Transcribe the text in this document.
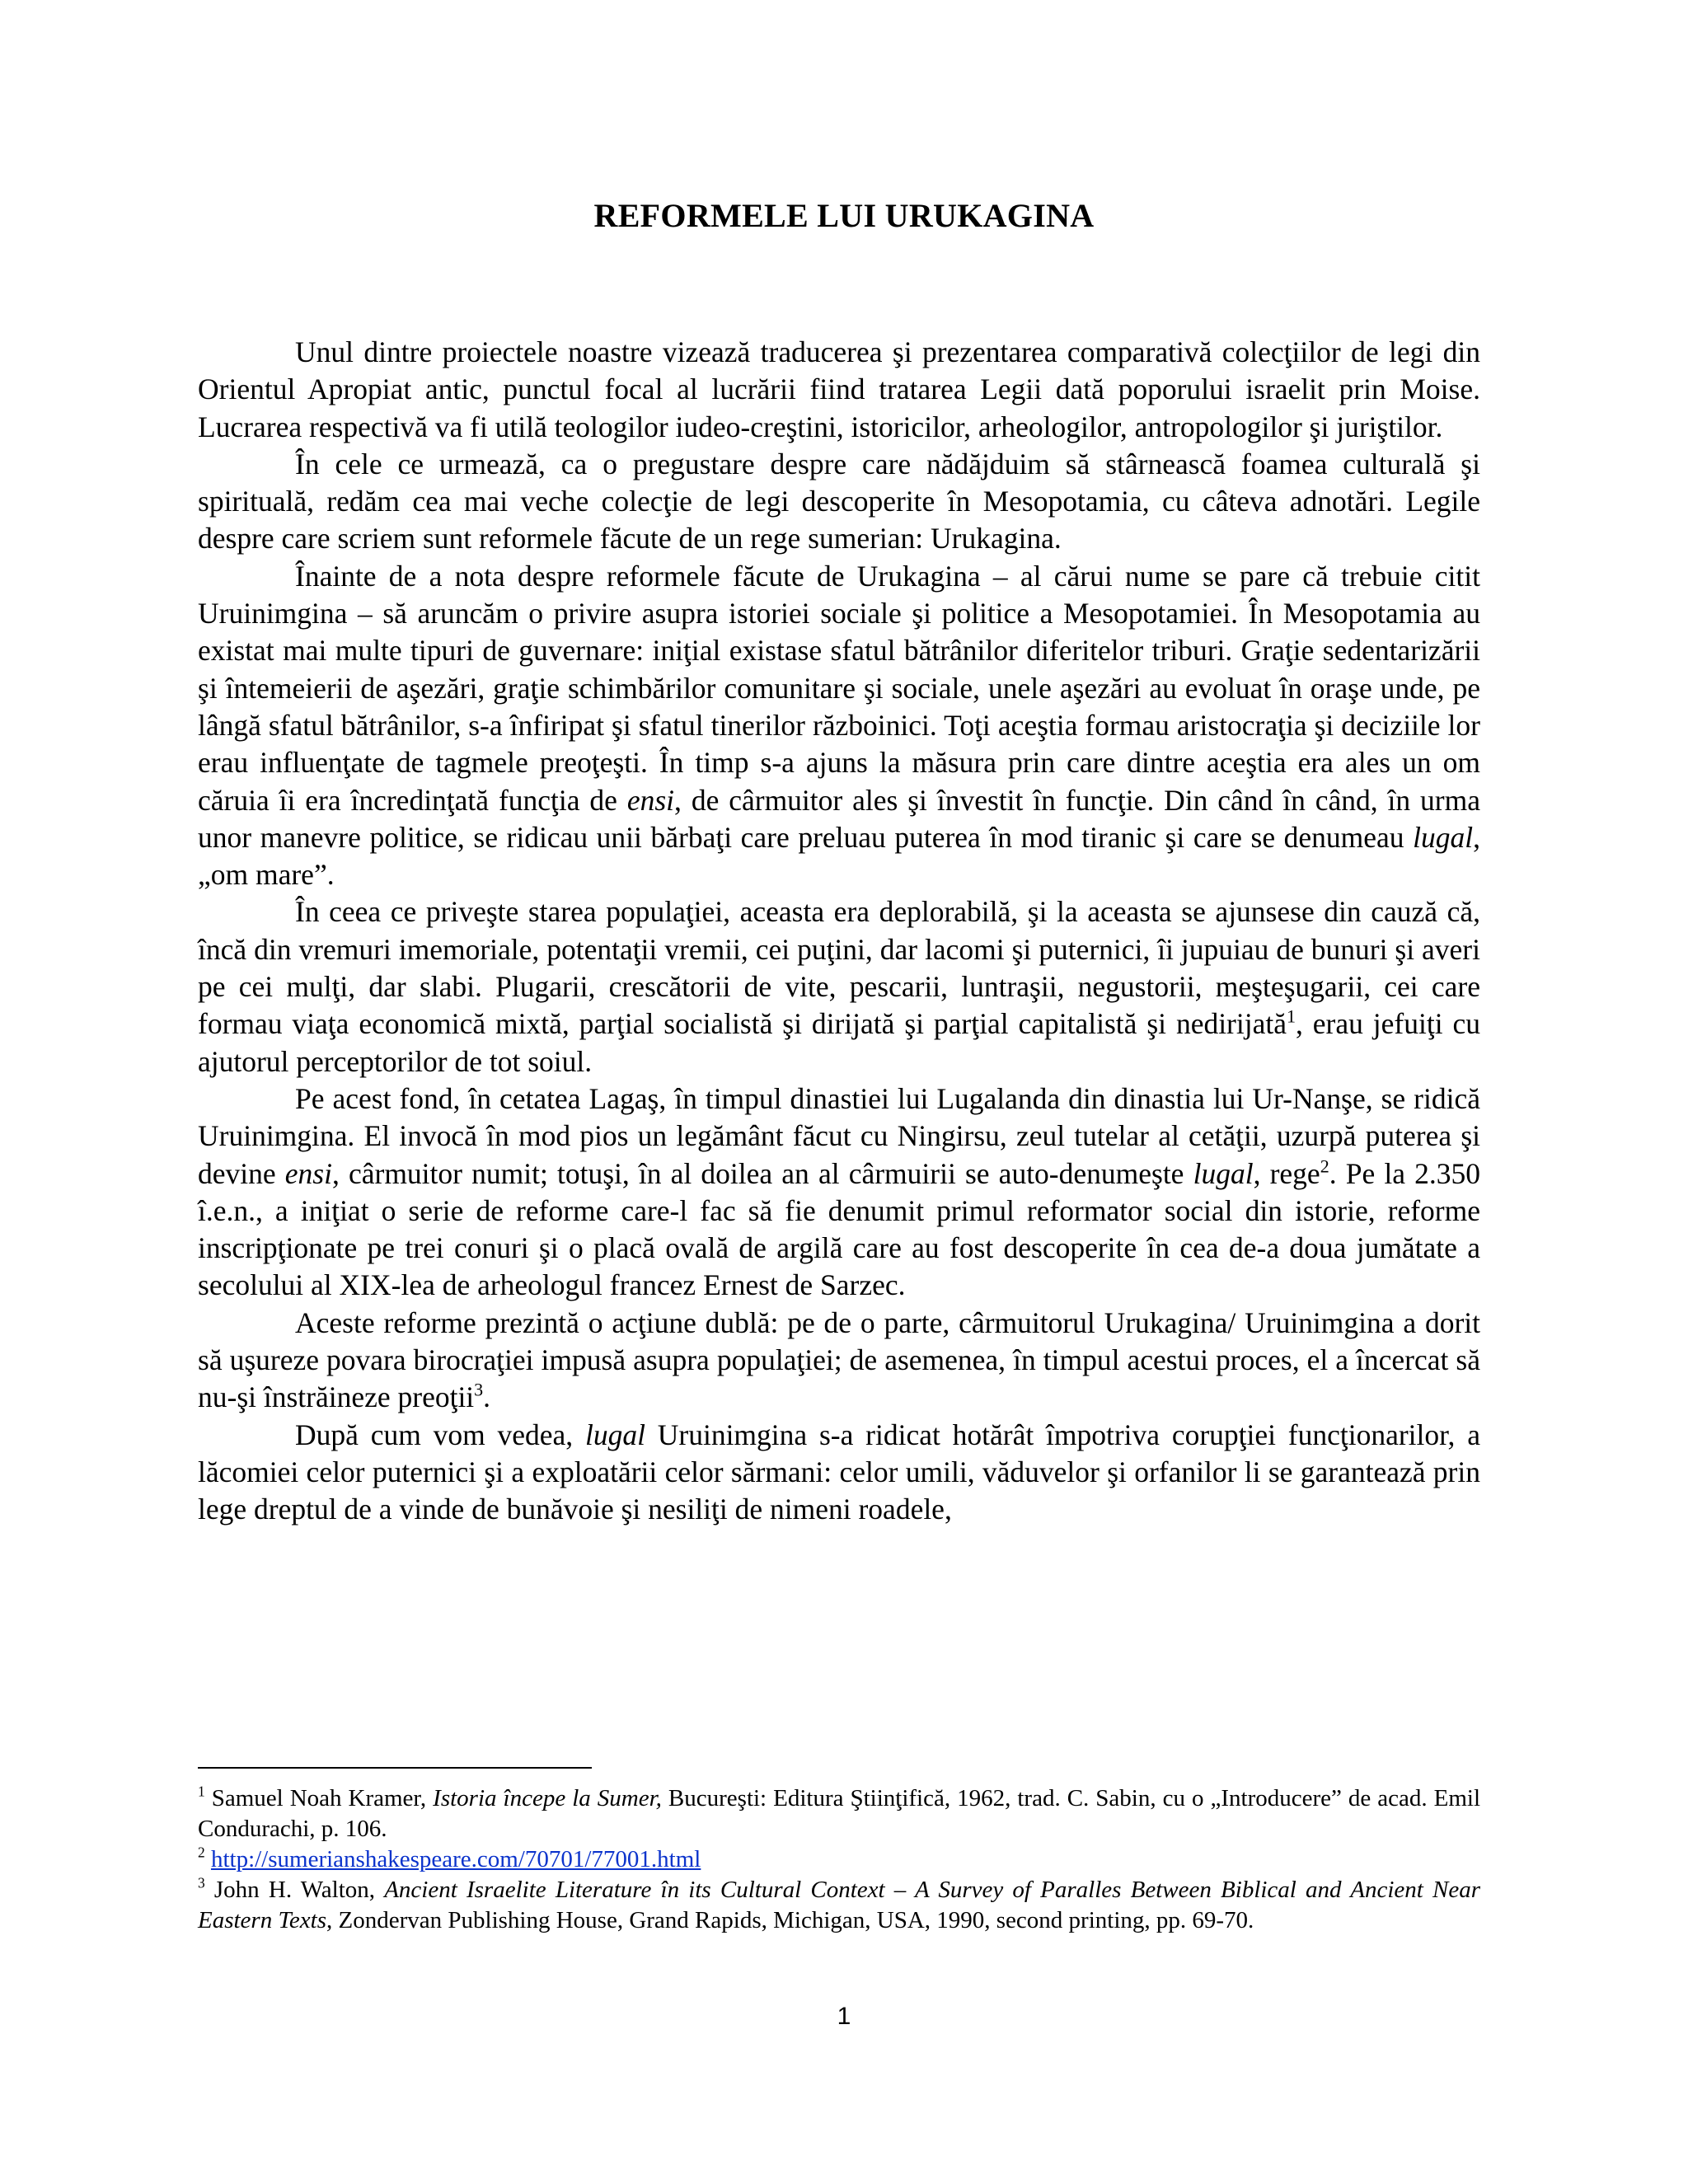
REFORMELE LUI URUKAGINA

Unul dintre proiectele noastre vizează traducerea şi prezentarea comparativă colecţiilor de legi din Orientul Apropiat antic, punctul focal al lucrării fiind tratarea Legii dată poporului israelit prin Moise. Lucrarea respectivă va fi utilă teologilor iudeo-creştini, istoricilor, arheologilor, antropologilor şi juriştilor.

În cele ce urmează, ca o pregustare despre care nădăjduim să stârnească foamea culturală şi spirituală, redăm cea mai veche colecţie de legi descoperite în Mesopotamia, cu câteva adnotări. Legile despre care scriem sunt reformele făcute de un rege sumerian: Urukagina.

Înainte de a nota despre reformele făcute de Urukagina – al cărui nume se pare că trebuie citit Uruinimgina – să aruncăm o privire asupra istoriei sociale şi politice a Mesopotamiei. În Mesopotamia au existat mai multe tipuri de guvernare: iniţial existase sfatul bătrânilor diferitelor triburi. Graţie sedentarizării şi întemeierii de aşezări, graţie schimbărilor comunitare şi sociale, unele aşezări au evoluat în oraşe unde, pe lângă sfatul bătrânilor, s-a înfiripat şi sfatul tinerilor războinici. Toţi aceştia formau aristocraţia şi deciziile lor erau influenţate de tagmele preoţeşti. În timp s-a ajuns la măsura prin care dintre aceştia era ales un om căruia îi era încredinţată funcţia de ensi, de cârmuitor ales şi învestit în funcţie. Din când în când, în urma unor manevre politice, se ridicau unii bărbaţi care preluau puterea în mod tiranic şi care se denumeau lugal, „om mare”.

În ceea ce priveşte starea populaţiei, aceasta era deplorabilă, şi la aceasta se ajunsese din cauză că, încă din vremuri imemoriale, potentaţii vremii, cei puţini, dar lacomi şi puternici, îi jupuiau de bunuri şi averi pe cei mulţi, dar slabi. Plugarii, crescătorii de vite, pescarii, luntraşii, negustorii, meşteşugarii, cei care formau viaţa economică mixtă, parţial socialistă şi dirijată şi parţial capitalistă şi nedirijată$^1$, erau jefuiţi cu ajutorul perceptorilor de tot soiul.

Pe acest fond, în cetatea Lagaş, în timpul dinastiei lui Lugalanda din dinastia lui Ur-Nanşe, se ridică Uruinimgina. El invocă în mod pios un legământ făcut cu Ningirsu, zeul tutelar al cetăţii, uzurpă puterea şi devine ensi, cârmuitor numit; totuşi, în al doilea an al cârmuirii se auto-denumeşte lugal, rege$^2$. Pe la 2.350 î.e.n., a iniţiat o serie de reforme care-l fac să fie denumit primul reformator social din istorie, reforme inscripţionate pe trei conuri şi o placă ovală de argilă care au fost descoperite în cea de-a doua jumătate a secolului al XIX-lea de arheologul francez Ernest de Sarzec.

Aceste reforme prezintă o acţiune dublă: pe de o parte, cârmuitorul Urukagina/ Uruinimgina a dorit să uşureze povara birocraţiei impusă asupra populaţiei; de asemenea, în timpul acestui proces, el a încercat să nu-şi înstrăineze preoţii$^3$.

După cum vom vedea, lugal Uruinimgina s-a ridicat hotărât împotriva corupţiei funcţionarilor, a lăcomiei celor puternici şi a exploatării celor sărmani: celor umili, văduvelor şi orfanilor li se garantează prin lege dreptul de a vinde de bunăvoie şi nesiliţi de nimeni roadele,

$^1$ Samuel Noah Kramer, Istoria începe la Sumer, Bucureşti: Editura Ştiinţifică, 1962, trad. C. Sabin, cu o „Introducere” de acad. Emil Condurachi, p. 106.
$^2$ http://sumerianshakespeare.com/70701/77001.html
$^3$ John H. Walton, Ancient Israelite Literature în its Cultural Context – A Survey of Paralles Between Biblical and Ancient Near Eastern Texts, Zondervan Publishing House, Grand Rapids, Michigan, USA, 1990, second printing, pp. 69-70.
1
